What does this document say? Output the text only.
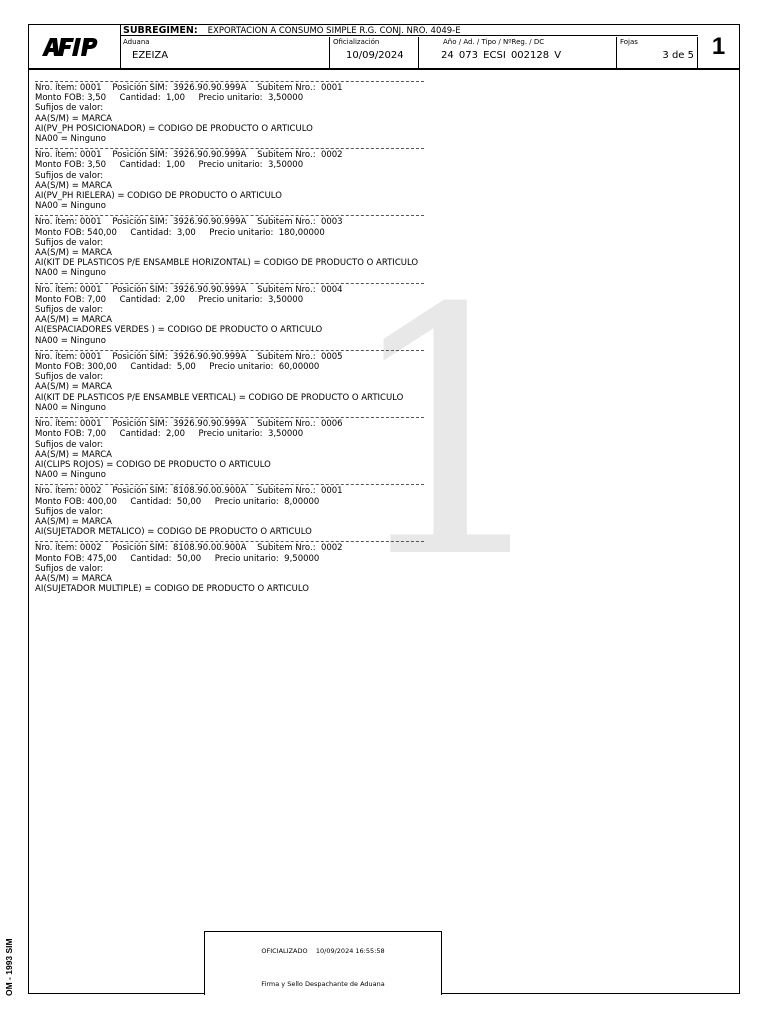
SUBREGIMEN: EXPORTACION A CONSUMO SIMPLE R.G. CONJ. NRO. 4049-E
Aduana
EZEIZA
Oficialización
10/09/2024
Año / Ad. / Tipo / NºReg. / DC
24 073 ECSI 002128 V
Fojas
3 de 5 1
1
Nro. ítem: 0001    Posición SIM:  3926.90.90.999A    Subitem Nro.:  0001
Monto FOB: 3,50     Cantidad:  1,00     Precio unitario:  3,50000
Sufijos de valor:
AA(S/M) = MARCA
AI(PV_PH POSICIONADOR) = CODIGO DE PRODUCTO O ARTICULO
NA00 = Ninguno
Nro. ítem: 0001    Posición SIM:  3926.90.90.999A    Subitem Nro.:  0002
Monto FOB: 3,50     Cantidad:  1,00     Precio unitario:  3,50000
Sufijos de valor:
AA(S/M) = MARCA
AI(PV_PH RIELERA) = CODIGO DE PRODUCTO O ARTICULO
NA00 = Ninguno
Nro. ítem: 0001    Posición SIM:  3926.90.90.999A    Subitem Nro.:  0003
Monto FOB: 540,00     Cantidad:  3,00     Precio unitario:  180,00000
Sufijos de valor:
AA(S/M) = MARCA
AI(KIT DE PLASTICOS P/E ENSAMBLE HORIZONTAL) = CODIGO DE PRODUCTO O ARTICULO
NA00 = Ninguno
Nro. ítem: 0001    Posición SIM:  3926.90.90.999A    Subitem Nro.:  0004
Monto FOB: 7,00     Cantidad:  2,00     Precio unitario:  3,50000
Sufijos de valor:
AA(S/M) = MARCA
AI(ESPACIADORES VERDES ) = CODIGO DE PRODUCTO O ARTICULO
NA00 = Ninguno
Nro. ítem: 0001    Posición SIM:  3926.90.90.999A    Subitem Nro.:  0005
Monto FOB: 300,00     Cantidad:  5,00     Precio unitario:  60,00000
Sufijos de valor:
AA(S/M) = MARCA
AI(KIT DE PLASTICOS P/E ENSAMBLE VERTICAL) = CODIGO DE PRODUCTO O ARTICULO
NA00 = Ninguno
Nro. ítem: 0001    Posición SIM:  3926.90.90.999A    Subitem Nro.:  0006
Monto FOB: 7,00     Cantidad:  2,00     Precio unitario:  3,50000
Sufijos de valor:
AA(S/M) = MARCA
AI(CLIPS ROJOS) = CODIGO DE PRODUCTO O ARTICULO
NA00 = Ninguno
Nro. ítem: 0002    Posición SIM:  8108.90.00.900A    Subitem Nro.:  0001
Monto FOB: 400,00     Cantidad:  50,00     Precio unitario:  8,00000
Sufijos de valor:
AA(S/M) = MARCA
AI(SUJETADOR METALICO) = CODIGO DE PRODUCTO O ARTICULO
Nro. ítem: 0002    Posición SIM:  8108.90.00.900A    Subitem Nro.:  0002
Monto FOB: 475,00     Cantidad:  50,00     Precio unitario:  9,50000
Sufijos de valor:
AA(S/M) = MARCA
AI(SUJETADOR MULTIPLE) = CODIGO DE PRODUCTO O ARTICULO
OFICIALIZADO    10/09/2024 16:55:58
Firma y Sello Despachante de Aduana
OM - 1993 SIM
